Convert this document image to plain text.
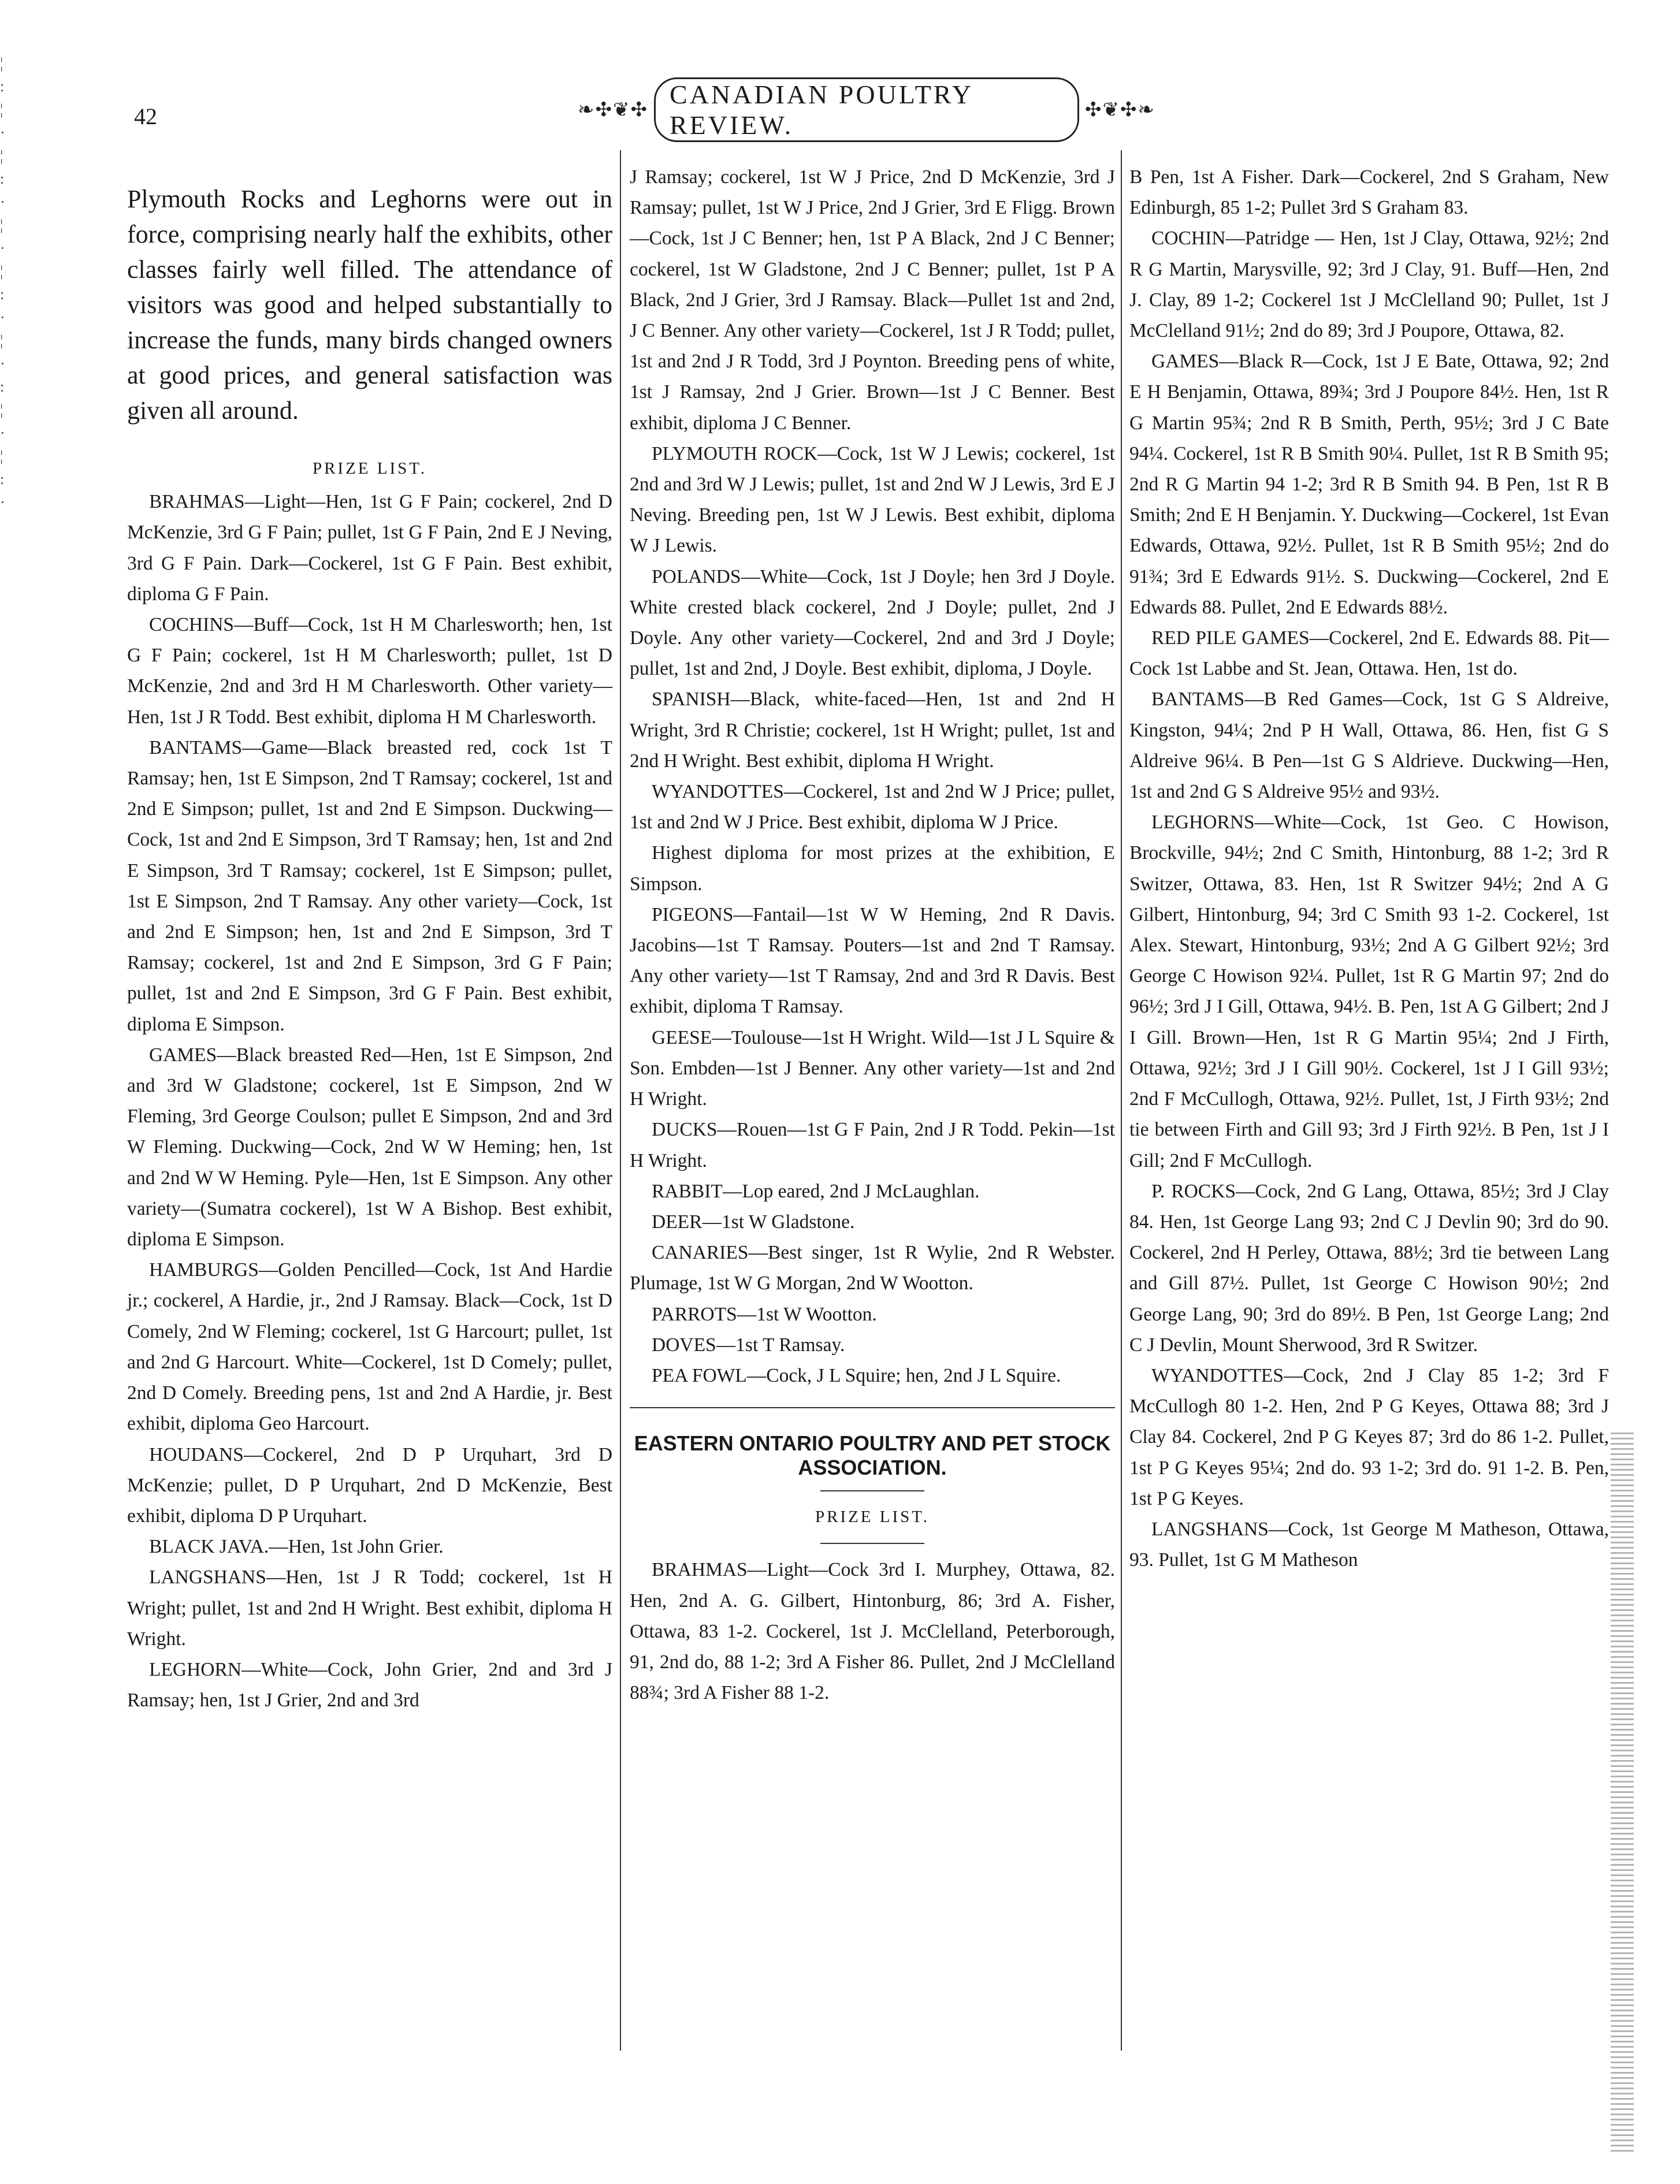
¦
:
¦
·
¦
:
·
¦
·
¦
:
·
¦
·
:
¦
·
¦
:
·
42	❧✣❦✣
CANADIAN POULTRY REVIEW.
✣❦✣❧

Plymouth Rocks and Leghorns were out in force, comprising nearly half the exhibits, other classes fairly well filled. The attendance of visitors was good and helped substantially to increase the funds, many birds changed owners at good prices, and general satisfaction was given all around.

PRIZE LIST.

BRAHMAS—Light—Hen, 1st G F Pain; cockerel, 2nd D McKenzie, 3rd G F Pain; pullet, 1st G F Pain, 2nd E J Neving, 3rd G F Pain. Dark—Cockerel, 1st G F Pain. Best exhibit, diploma G F Pain.

COCHINS—Buff—Cock, 1st H M Charlesworth; hen, 1st G F Pain; cockerel, 1st H M Charlesworth; pullet, 1st D McKenzie, 2nd and 3rd H M Charlesworth. Other variety—Hen, 1st J R Todd. Best exhibit, diploma H M Charlesworth.

BANTAMS—Game—Black breasted red, cock 1st T Ramsay; hen, 1st E Simpson, 2nd T Ramsay; cockerel, 1st and 2nd E Simpson; pullet, 1st and 2nd E Simpson. Duckwing—Cock, 1st and 2nd E Simpson, 3rd T Ramsay; hen, 1st and 2nd E Simpson, 3rd T Ramsay; cockerel, 1st E Simpson; pullet, 1st E Simpson, 2nd T Ramsay. Any other variety—Cock, 1st and 2nd E Simpson; hen, 1st and 2nd E Simpson, 3rd T Ramsay; cockerel, 1st and 2nd E Simpson, 3rd G F Pain; pullet, 1st and 2nd E Simpson, 3rd G F Pain. Best exhibit, diploma E Simpson.

GAMES—Black breasted Red—Hen, 1st E Simpson, 2nd and 3rd W Gladstone; cockerel, 1st E Simpson, 2nd W Fleming, 3rd George Coulson; pullet E Simpson, 2nd and 3rd W Fleming. Duckwing—Cock, 2nd W W Heming; hen, 1st and 2nd W W Heming. Pyle—Hen, 1st E Simpson. Any other variety—(Sumatra cockerel), 1st W A Bishop. Best exhibit, diploma E Simpson.

HAMBURGS—Golden Pencilled—Cock, 1st And Hardie jr.; cockerel, A Hardie, jr., 2nd J Ramsay. Black—Cock, 1st D Comely, 2nd W Fleming; cockerel, 1st G Harcourt; pullet, 1st and 2nd G Harcourt. White—Cockerel, 1st D Comely; pullet, 2nd D Comely. Breeding pens, 1st and 2nd A Hardie, jr. Best exhibit, diploma Geo Harcourt.

HOUDANS—Cockerel, 2nd D P Urquhart, 3rd D McKenzie; pullet, D P Urquhart, 2nd D McKenzie, Best exhibit, diploma D P Urquhart.

BLACK JAVA.—Hen, 1st John Grier.

LANGSHANS—Hen, 1st J R Todd; cockerel, 1st H Wright; pullet, 1st and 2nd H Wright. Best exhibit, diploma H Wright.

LEGHORN—White—Cock, John Grier, 2nd and 3rd J Ramsay; hen, 1st J Grier, 2nd and 3rd

J Ramsay; cockerel, 1st W J Price, 2nd D McKenzie, 3rd J Ramsay; pullet, 1st W J Price, 2nd J Grier, 3rd E Fligg. Brown—Cock, 1st J C Benner; hen, 1st P A Black, 2nd J C Benner; cockerel, 1st W Gladstone, 2nd J C Benner; pullet, 1st P A Black, 2nd J Grier, 3rd J Ramsay. Black—Pullet 1st and 2nd, J C Benner. Any other variety—Cockerel, 1st J R Todd; pullet, 1st and 2nd J R Todd, 3rd J Poynton. Breeding pens of white, 1st J Ramsay, 2nd J Grier. Brown—1st J C Benner. Best exhibit, diploma J C Benner.

PLYMOUTH ROCK—Cock, 1st W J Lewis; cockerel, 1st 2nd and 3rd W J Lewis; pullet, 1st and 2nd W J Lewis, 3rd E J Neving. Breeding pen, 1st W J Lewis. Best exhibit, diploma W J Lewis.

POLANDS—White—Cock, 1st J Doyle; hen 3rd J Doyle. White crested black cockerel, 2nd J Doyle; pullet, 2nd J Doyle. Any other variety—Cockerel, 2nd and 3rd J Doyle; pullet, 1st and 2nd, J Doyle. Best exhibit, diploma, J Doyle.

SPANISH—Black, white-faced—Hen, 1st and 2nd H Wright, 3rd R Christie; cockerel, 1st H Wright; pullet, 1st and 2nd H Wright. Best exhibit, diploma H Wright.

WYANDOTTES—Cockerel, 1st and 2nd W J Price; pullet, 1st and 2nd W J Price. Best exhibit, diploma W J Price.

Highest diploma for most prizes at the exhibition, E Simpson.

PIGEONS—Fantail—1st W W Heming, 2nd R Davis. Jacobins—1st T Ramsay. Pouters—1st and 2nd T Ramsay. Any other variety—1st T Ramsay, 2nd and 3rd R Davis. Best exhibit, diploma T Ramsay.

GEESE—Toulouse—1st H Wright. Wild—1st J L Squire & Son. Embden—1st J Benner. Any other variety—1st and 2nd H Wright.

DUCKS—Rouen—1st G F Pain, 2nd J R Todd. Pekin—1st H Wright.

RABBIT—Lop eared, 2nd J McLaughlan.

DEER—1st W Gladstone.

CANARIES—Best singer, 1st R Wylie, 2nd R Webster. Plumage, 1st W G Morgan, 2nd W Wootton.

PARROTS—1st W Wootton.

DOVES—1st T Ramsay.

PEA FOWL—Cock, J L Squire; hen, 2nd J L Squire.

EASTERN ONTARIO POULTRY AND PET STOCK ASSOCIATION.
PRIZE LIST.

BRAHMAS—Light—Cock 3rd I. Murphey, Ottawa, 82. Hen, 2nd A. G. Gilbert, Hintonburg, 86; 3rd A. Fisher, Ottawa, 83 1-2. Cockerel, 1st J. McClelland, Peterborough, 91, 2nd do, 88 1-2; 3rd A Fisher 86. Pullet, 2nd J McClelland 88¾; 3rd A Fisher 88 1-2.

B Pen, 1st A Fisher. Dark—Cockerel, 2nd S Graham, New Edinburgh, 85 1-2; Pullet 3rd S Graham 83.

COCHIN—Patridge — Hen, 1st J Clay, Ottawa, 92½; 2nd R G Martin, Marysville, 92; 3rd J Clay, 91. Buff—Hen, 2nd J. Clay, 89 1-2; Cockerel 1st J McClelland 90; Pullet, 1st J McClelland 91½; 2nd do 89; 3rd J Poupore, Ottawa, 82.

GAMES—Black R—Cock, 1st J E Bate, Ottawa, 92; 2nd E H Benjamin, Ottawa, 89¾; 3rd J Poupore 84½. Hen, 1st R G Martin 95¾; 2nd R B Smith, Perth, 95½; 3rd J C Bate 94¼. Cockerel, 1st R B Smith 90¼. Pullet, 1st R B Smith 95; 2nd R G Martin 94 1-2; 3rd R B Smith 94. B Pen, 1st R B Smith; 2nd E H Benjamin. Y. Duckwing—Cockerel, 1st Evan Edwards, Ottawa, 92½. Pullet, 1st R B Smith 95½; 2nd do 91¾; 3rd E Edwards 91½. S. Duckwing—Cockerel, 2nd E Edwards 88. Pullet, 2nd E Edwards 88½.

RED PILE GAMES—Cockerel, 2nd E. Edwards 88. Pit—Cock 1st Labbe and St. Jean, Ottawa. Hen, 1st do.

BANTAMS—B Red Games—Cock, 1st G S Aldreive, Kingston, 94¼; 2nd P H Wall, Ottawa, 86. Hen, fist G S Aldreive 96¼. B Pen—1st G S Aldrieve. Duckwing—Hen, 1st and 2nd G S Aldreive 95½ and 93½.

LEGHORNS—White—Cock, 1st Geo. C Howison, Brockville, 94½; 2nd C Smith, Hintonburg, 88 1-2; 3rd R Switzer, Ottawa, 83. Hen, 1st R Switzer 94½; 2nd A G Gilbert, Hintonburg, 94; 3rd C Smith 93 1-2. Cockerel, 1st Alex. Stewart, Hintonburg, 93½; 2nd A G Gilbert 92½; 3rd George C Howison 92¼. Pullet, 1st R G Martin 97; 2nd do 96½; 3rd J I Gill, Ottawa, 94½. B. Pen, 1st A G Gilbert; 2nd J I Gill. Brown—Hen, 1st R G Martin 95¼; 2nd J Firth, Ottawa, 92½; 3rd J I Gill 90½. Cockerel, 1st J I Gill 93½; 2nd F McCullogh, Ottawa, 92½. Pullet, 1st, J Firth 93½; 2nd tie between Firth and Gill 93; 3rd J Firth 92½. B Pen, 1st J I Gill; 2nd F McCullogh.

P. ROCKS—Cock, 2nd G Lang, Ottawa, 85½; 3rd J Clay 84. Hen, 1st George Lang 93; 2nd C J Devlin 90; 3rd do 90. Cockerel, 2nd H Perley, Ottawa, 88½; 3rd tie between Lang and Gill 87½. Pullet, 1st George C Howison 90½; 2nd George Lang, 90; 3rd do 89½. B Pen, 1st George Lang; 2nd C J Devlin, Mount Sherwood, 3rd R Switzer.

WYANDOTTES—Cock, 2nd J Clay 85 1-2; 3rd F McCullogh 80 1-2. Hen, 2nd P G Keyes, Ottawa 88; 3rd J Clay 84. Cockerel, 2nd P G Keyes 87; 3rd do 86 1-2. Pullet, 1st P G Keyes 95¼; 2nd do. 93 1-2; 3rd do. 91 1-2. B. Pen, 1st P G Keyes.

LANGSHANS—Cock, 1st George M Matheson, Ottawa, 93. Pullet, 1st G M Matheson
